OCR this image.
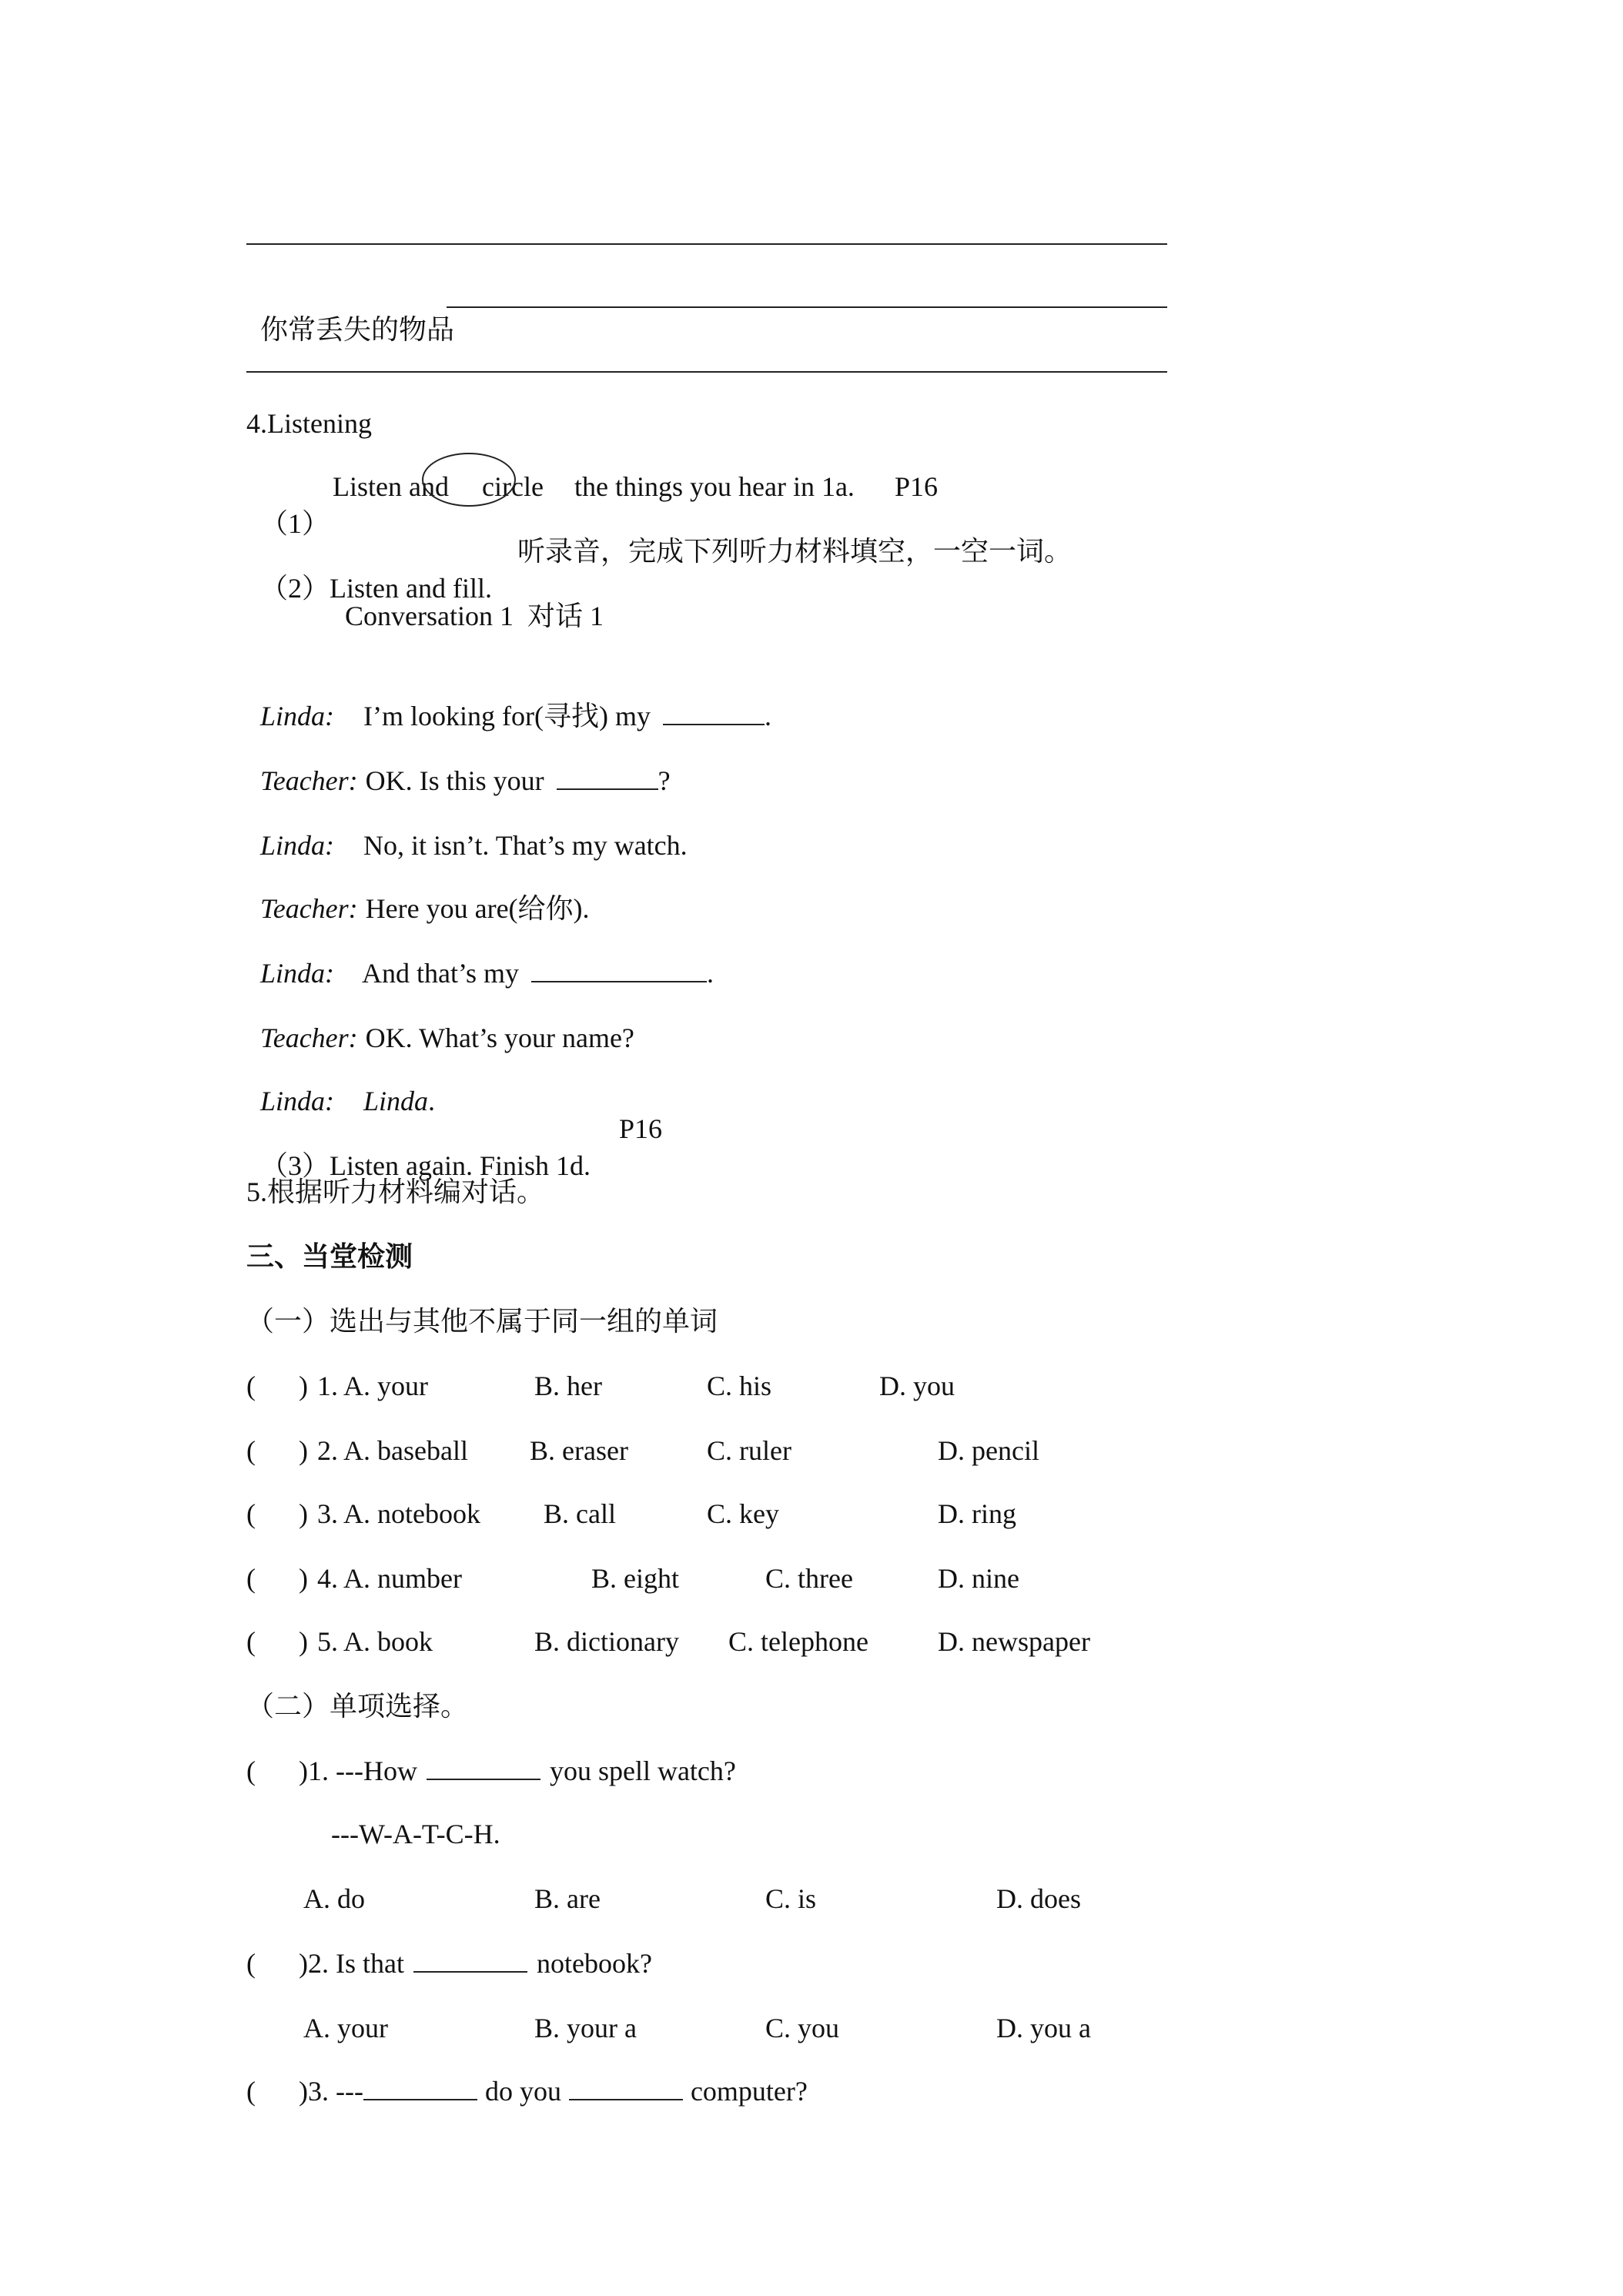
你常丢失的物品

4.Listening

（1）

Listen and circle the things you hear in 1a. P16

（2）Listen and fill.

听录音，完成下列听力材料填空，一空一词。
Conversation 1  对话 1

Linda: I’m looking for(寻找) my	.

Teacher: OK. Is this your	?

Linda: No, it isn’t. That’s my watch.

Teacher: Here you are(给你).

Linda: And that’s my	.

Teacher: OK. What’s your name?

Linda: Linda.

（3）Listen again. Finish 1d.

P16
5.根据听力材料编对话。
三、当堂检测
（一）选出与其他不属于同一组的单词
( ) 1. A. your	B. her	C. his	D. you
( ) 2. A. baseball B. eraser	C. ruler	D. pencil
( ) 3. A. notebook B. call	C. key	D. ring
( ) 4. A. number	B. eight	C. three	D. nine
( ) 5. A. book	B. dictionary C. telephone	D. newspaper
（二）单项选择。
( )1. ---How	you spell watch?
---W-A-T-C-H.
A. do	B. are	C. is	D. does
( )2. Is that	notebook?
A. your	B. your a	C. you	D. you a
( )3. ---	do you	computer?
